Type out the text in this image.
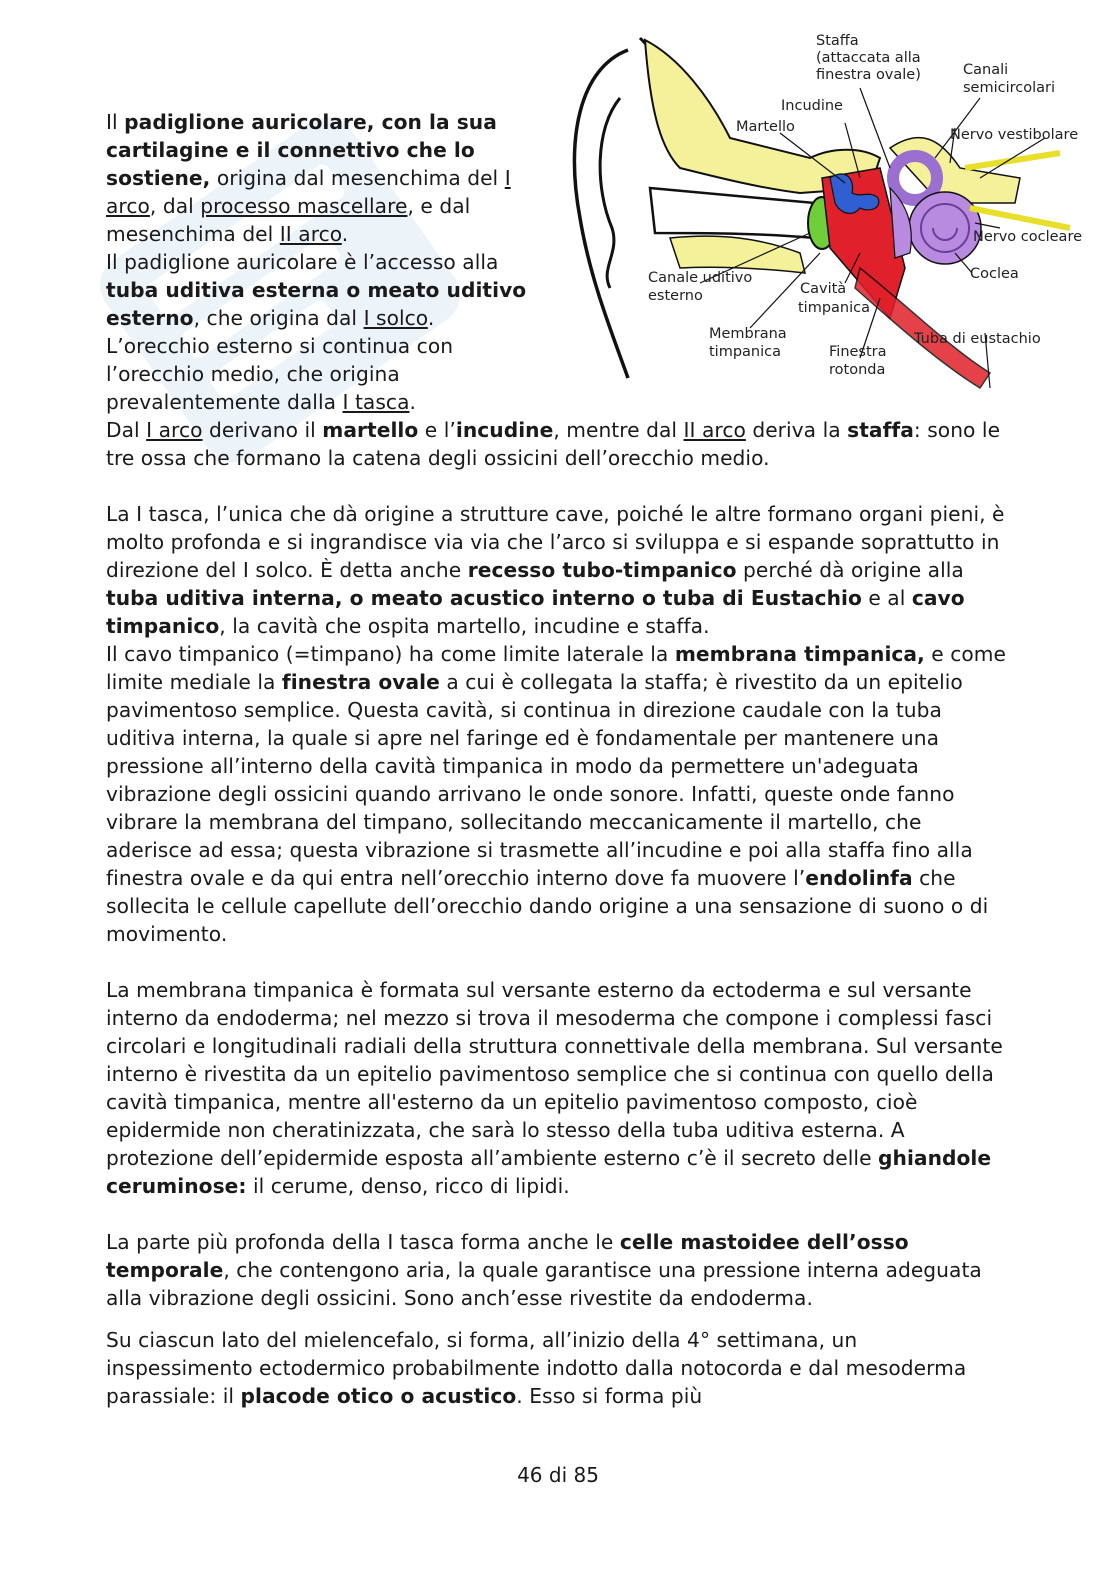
Staffa
(attaccata alla
finestra ovale)	Canali
semicircolari
Incudine
Martello	Nervo vestibolare
Nervo cocleare
Coclea
Canale uditivo
esterno	Cavità
timpanica
Membrana
timpanica	Finestra
rotonda
Tuba di eustachio

Il padiglione auricolare, con la sua cartilagine e il connettivo che lo sostiene, origina dal mesenchima del I arco, dal processo mascellare, e dal mesenchima del II arco.

Il padiglione auricolare è l’accesso alla tuba uditiva esterna o meato uditivo esterno, che origina dal I solco.

L’orecchio esterno si continua con l’orecchio medio, che origina prevalentemente dalla I tasca.

Dal I arco derivano il martello e l’incudine, mentre dal II arco deriva la staffa: sono le tre ossa che formano la catena degli ossicini dell’orecchio medio.

La I tasca, l’unica che dà origine a strutture cave, poiché le altre formano organi pieni, è molto profonda e si ingrandisce via via che l’arco si sviluppa e si espande soprattutto in direzione del I solco. È detta anche recesso tubo-timpanico perché dà origine alla tuba uditiva interna, o meato acustico interno o tuba di Eustachio e al cavo timpanico, la cavità che ospita martello, incudine e staffa.

Il cavo timpanico (=timpano) ha come limite laterale la membrana timpanica, e come limite mediale la finestra ovale a cui è collegata la staffa; è rivestito da un epitelio pavimentoso semplice. Questa cavità, si continua in direzione caudale con la tuba uditiva interna, la quale si apre nel faringe ed è fondamentale per mantenere una pressione all’interno della cavità timpanica in modo da permettere un'adeguata vibrazione degli ossicini quando arrivano le onde sonore. Infatti, queste onde fanno vibrare la membrana del timpano, sollecitando meccanicamente il martello, che aderisce ad essa; questa vibrazione si trasmette all’incudine e poi alla staffa fino alla finestra ovale e da qui entra nell’orecchio interno dove fa muovere l’endolinfa che sollecita le cellule capellute dell’orecchio dando origine a una sensazione di suono o di movimento.

La membrana timpanica è formata sul versante esterno da ectoderma e sul versante interno da endoderma; nel mezzo si trova il mesoderma che compone i complessi fasci circolari e longitudinali radiali della struttura connettivale della membrana. Sul versante interno è rivestita da un epitelio pavimentoso semplice che si continua con quello della cavità timpanica, mentre all'esterno da un epitelio pavimentoso composto, cioè epidermide non cheratinizzata, che sarà lo stesso della tuba uditiva esterna. A protezione dell’epidermide esposta all’ambiente esterno c’è il secreto delle ghiandole ceruminose: il cerume, denso, ricco di lipidi.

La parte più profonda della I tasca forma anche le celle mastoidee dell’osso temporale, che contengono aria, la quale garantisce una pressione interna adeguata alla vibrazione degli ossicini. Sono anch’esse rivestite da endoderma.

Su ciascun lato del mielencefalo, si forma, all’inizio della 4° settimana, un inspessimento ectodermico probabilmente indotto dalla notocorda e dal mesoderma parassiale: il placode otico o acustico. Esso si forma più

46 di 85
